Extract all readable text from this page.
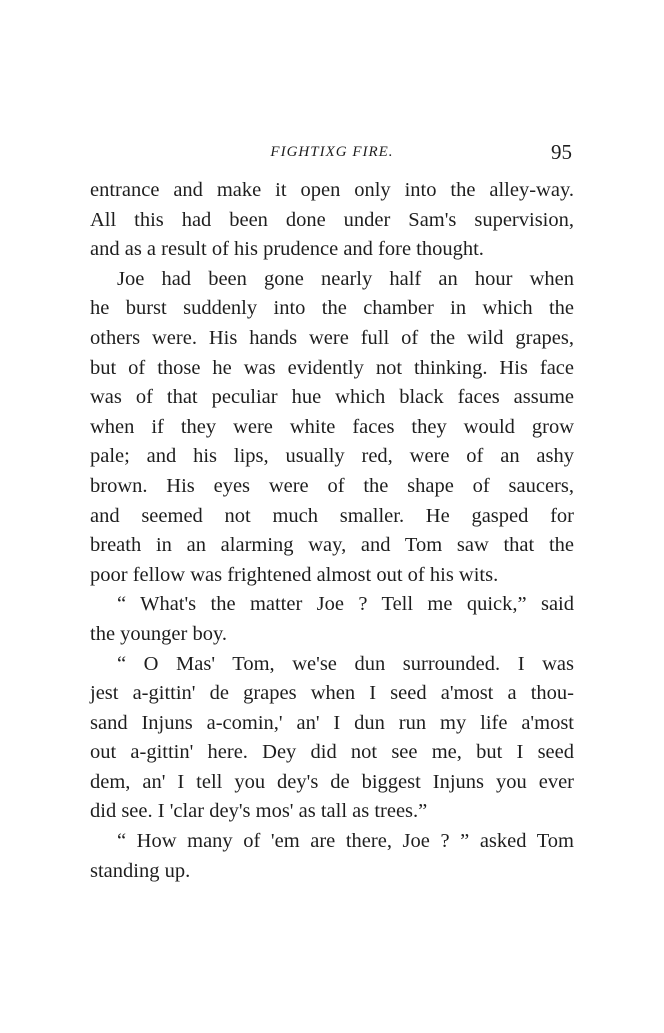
FIGHTIXG FIRE.	95

entrance and make it open only into the alley-way.
All this had been done under Sam's supervision,
and as a result of his prudence and fore thought.

Joe had been gone nearly half an hour when
he burst suddenly into the chamber in which the
others were. His hands were full of the wild grapes,
but of those he was evidently not thinking. His face
was of that peculiar hue which black faces assume
when if they were white faces they would grow
pale; and his lips, usually red, were of an ashy
brown. His eyes were of the shape of saucers,
and seemed not much smaller. He gasped for
breath in an alarming way, and Tom saw that the
poor fellow was frightened almost out of his wits.

“ What's the matter Joe ? Tell me quick,” said
the younger boy.

“ O Mas' Tom, we'se dun surrounded. I was
jest a-gittin' de grapes when I seed a'most a thou-
sand Injuns a-comin,' an' I dun run my life a'most
out a-gittin' here. Dey did not see me, but I seed
dem, an' I tell you dey's de biggest Injuns you ever
did see. I 'clar dey's mos' as tall as trees.”

“ How many of 'em are there, Joe ? ” asked Tom
standing up.
